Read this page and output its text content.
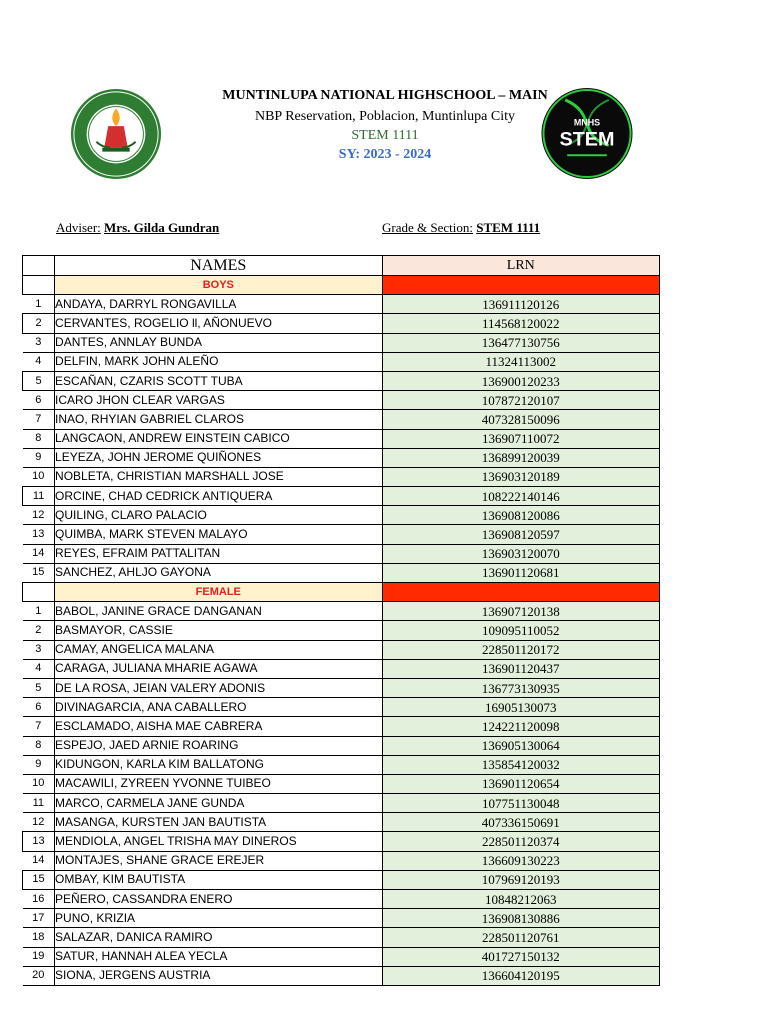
MUNTINLUPA NATIONAL HIGHSCHOOL – MAIN
NBP Reservation, Poblacion, Muntinlupa City
STEM 1111
SY: 2023 - 2024
MNHS
STEM
Adviser: Mrs. Gilda Gundran	Grade & Section: STEM 1111
	NAMES	LRN
	BOYS	
1	ANDAYA, DARRYL RONGAVILLA	136911120126
2	CERVANTES, ROGELIO ll, AÑONUEVO	114568120022
3	DANTES, ANNLAY BUNDA	136477130756
4	DELFIN, MARK JOHN ALEÑO	11324113002
5	ESCAÑAN, CZARIS SCOTT TUBA	136900120233
6	ICARO JHON CLEAR VARGAS	107872120107
7	INAO, RHYIAN GABRIEL CLAROS	407328150096
8	LANGCAON, ANDREW EINSTEIN CABICO	136907110072
9	LEYEZA, JOHN JEROME QUIÑONES	136899120039
10	NOBLETA, CHRISTIAN MARSHALL JOSE	136903120189
11	ORCINE, CHAD CEDRICK ANTIQUERA	108222140146
12	QUILING, CLARO PALACIO	136908120086
13	QUIMBA, MARK STEVEN MALAYO	136908120597
14	REYES, EFRAIM PATTALITAN	136903120070
15	SANCHEZ, AHLJO GAYONA	136901120681
	FEMALE	
1	BABOL, JANINE GRACE DANGANAN	136907120138
2	BASMAYOR, CASSIE	109095110052
3	CAMAY, ANGELICA MALANA	228501120172
4	CARAGA, JULIANA MHARIE AGAWA	136901120437
5	DE LA ROSA, JEIAN VALERY ADONIS	136773130935
6	DIVINAGARCIA, ANA CABALLERO	16905130073
7	ESCLAMADO, AISHA MAE CABRERA	124221120098
8	ESPEJO, JAED ARNIE ROARING	136905130064
9	KIDUNGON, KARLA KIM BALLATONG	135854120032
10	MACAWILI, ZYREEN YVONNE TUIBEO	136901120654
11	MARCO, CARMELA JANE GUNDA	107751130048
12	MASANGA, KURSTEN JAN BAUTISTA	407336150691
13	MENDIOLA, ANGEL TRISHA MAY DINEROS	228501120374
14	MONTAJES, SHANE GRACE EREJER	136609130223
15	OMBAY, KIM BAUTISTA	107969120193
16	PEÑERO, CASSANDRA ENERO	10848212063
17	PUNO, KRIZIA	136908130886
18	SALAZAR, DANICA RAMIRO	228501120761
19	SATUR, HANNAH ALEA YECLA	401727150132
20	SIONA, JERGENS AUSTRIA	136604120195
